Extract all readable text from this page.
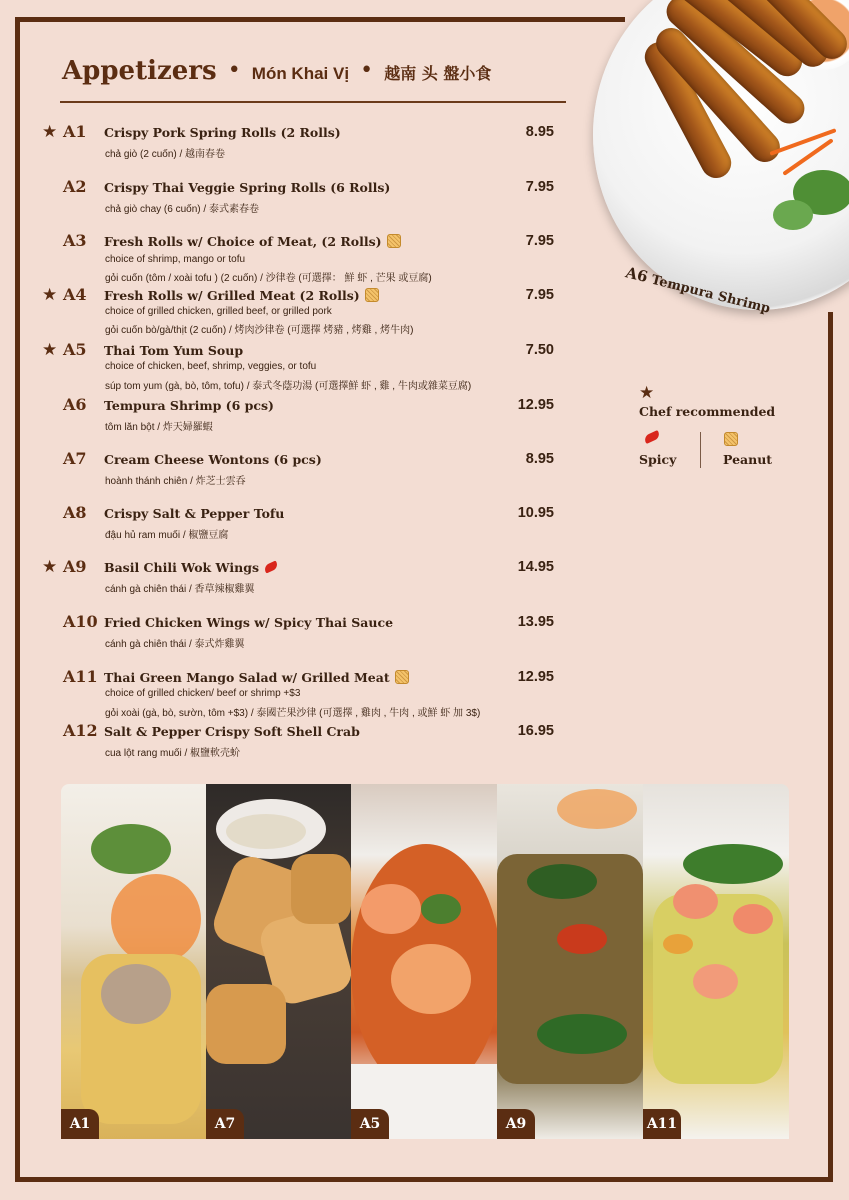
Appetizers • Món Khai Vị • 越南 头 盤小食
★ A1 Crispy Pork Spring Rolls (2 Rolls)	8.95
chả giò (2 cuốn) / 越南春卷
A2 Crispy Thai Veggie Spring Rolls (6 Rolls)	7.95
chả giò chay (6 cuốn) / 泰式素春卷
A3 Fresh Rolls w/ Choice of Meat, (2 Rolls)	7.95
choice of shrimp, mango or tofu
gỏi cuốn (tôm / xoài tofu ) (2 cuốn) / 沙律卷 (可選擇： 鮮 虾 , 芒果 或豆腐)
★ A4 Fresh Rolls w/ Grilled Meat (2 Rolls)	7.95
choice of grilled chicken, grilled beef, or grilled pork
gỏi cuốn bò/gà/thịt (2 cuốn) / 烤肉沙律卷 (可選擇 烤豬 , 烤雞 , 烤牛肉)
★ A5 Thai Tom Yum Soup	7.50
choice of chicken, beef, shrimp, veggies, or tofu
súp tom yum (gà, bò, tôm, tofu) / 泰式冬蔭功湯 (可選擇鮮 虾 , 雞 , 牛肉或雜菜豆腐)
A6 Tempura Shrimp (6 pcs)	12.95
tôm lăn bột / 炸天婦羅蝦
A7 Cream Cheese Wontons (6 pcs)	8.95
hoành thánh chiên / 炸芝士雲呑
A8 Crispy Salt & Pepper Tofu	10.95
đậu hủ ram muối / 椒鹽豆腐
★ A9 Basil Chili Wok Wings	14.95
cánh gà chiên thái / 香草辣椒雞翼
A10 Fried Chicken Wings w/ Spicy Thai Sauce	13.95
cánh gà chiên thái / 泰式炸雞翼
A11 Thai Green Mango Salad w/ Grilled Meat	12.95
choice of grilled chicken/ beef or shrimp +$3
gỏi xoài (gà, bò, sườn, tôm +$3) / 泰國芒果沙律 (可選擇 , 雞肉 , 牛肉 , 或鮮 虾 加 3$)
A12 Salt & Pepper Crispy Soft Shell Crab	16.95
cua lột rang muối / 椒鹽軟壳蚧
A6 Tempura Shrimp
★
Chef recommended
Spicy	Peanut
A1	A7	A5	A9	A11
